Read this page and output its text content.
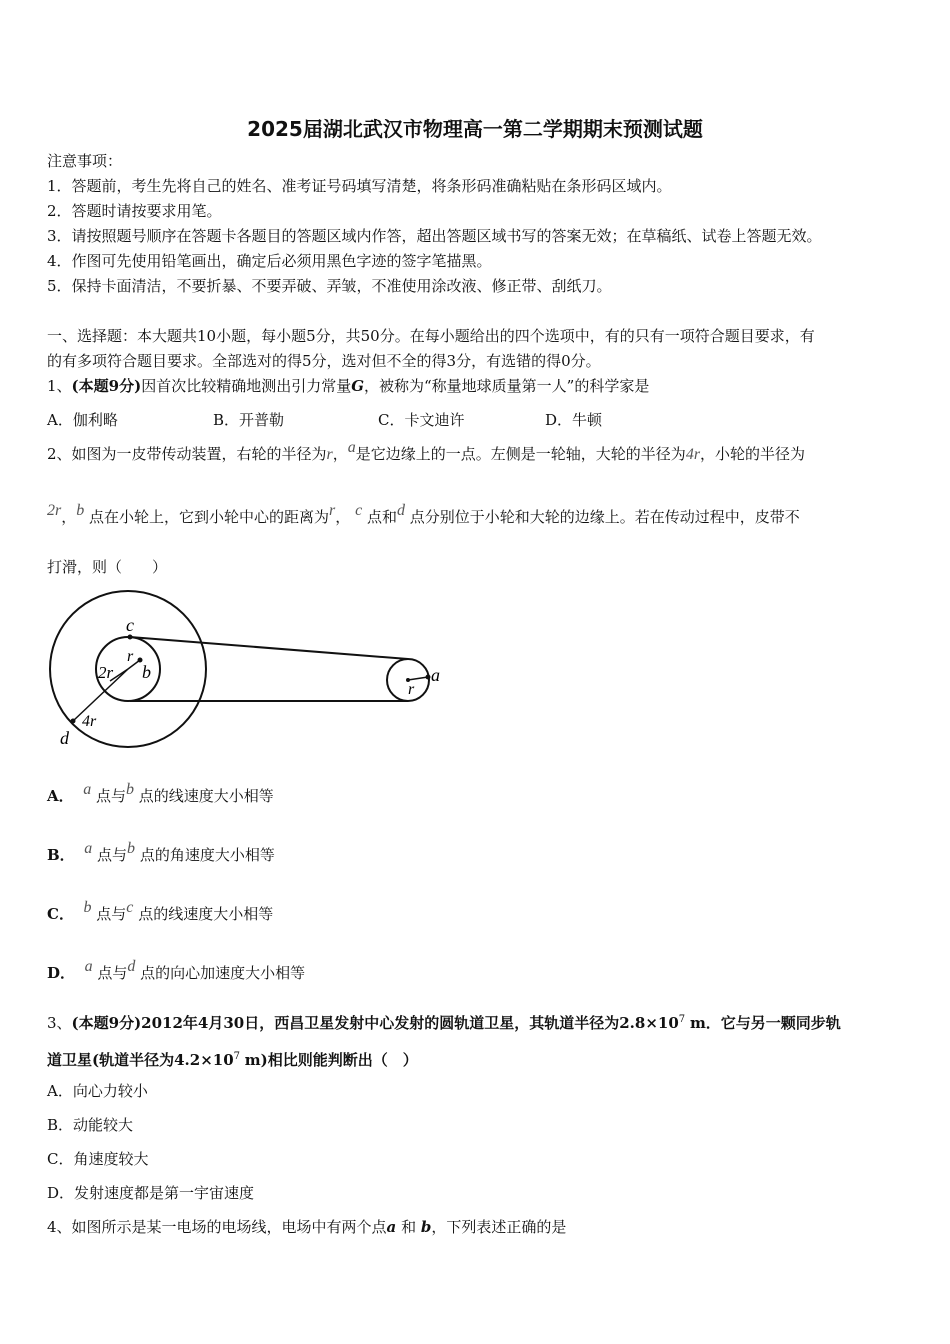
2025届湖北武汉市物理高一第二学期期末预测试题
注意事项：
1．答题前，考生先将自己的姓名、准考证号码填写清楚，将条形码准确粘贴在条形码区域内。
2．答题时请按要求用笔。
3．请按照题号顺序在答题卡各题目的答题区域内作答，超出答题区域书写的答案无效；在草稿纸、试卷上答题无效。
4．作图可先使用铅笔画出，确定后必须用黑色字迹的签字笔描黑。
5．保持卡面清洁，不要折暴、不要弄破、弄皱，不准使用涂改液、修正带、刮纸刀。
一、选择题：本大题共10小题，每小题5分，共50分。在每小题给出的四个选项中，有的只有一项符合题目要求，有
的有多项符合题目要求。全部选对的得5分，选对但不全的得3分，有选错的得0分。
1、(本题9分)因首次比较精确地测出引力常量G，被称为“称量地球质量第一人”的科学家是
A．伽利略	B．开普勒	C．卡文迪许	D．牛顿
2、如图为一皮带传动装置，右轮的半径为r，a是它边缘上的一点。左侧是一轮轴，大轮的半径为4r，小轮的半径为
2r，b 点在小轮上，它到小轮中心的距离为r， c 点和d 点分别位于小轮和大轮的边缘上。若在传动过程中，皮带不
打滑，则（　　）
c
r
2r b	a
r
4r
d
A． a 点与b 点的线速度大小相等
B． a 点与b 点的角速度大小相等
C． b 点与c 点的线速度大小相等
D． a 点与d 点的向心加速度大小相等
3、(本题9分)2012年4月30日，西昌卫星发射中心发射的圆轨道卫星，其轨道半径为$2.8\times 10^7$ m．它与另一颗同步轨
道卫星(轨道半径为$4.2\times 10^7$ m)相比则能判断出（　）
A．向心力较小
B．动能较大
C．角速度较大
D．发射速度都是第一宇宙速度
4、如图所示是某一电场的电场线，电场中有两个点a 和 b，下列表述正确的是
